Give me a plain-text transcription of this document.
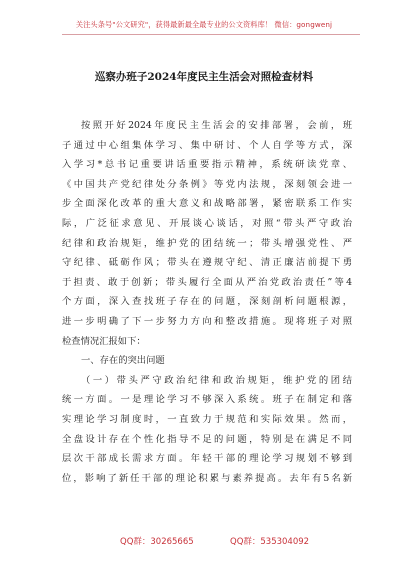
关注头条号"公文研究"，获得最新最全最专业的公文资料库！ 微信：gongwenj
巡察办班子2024年度民主生活会对照检查材料
按照开好2024年度民主生活会的安排部署，会前，班
子通过中心组集体学习、集中研讨、个人自学等方式，深
入学习*总书记重要讲话重要指示精神，系统研读党章、
《中国共产党纪律处分条例》等党内法规，深刻领会进一
步全面深化改革的重大意义和战略部署，紧密联系工作实
际，广泛征求意见、开展谈心谈话，对照“带头严守政治
纪律和政治规矩，维护党的团结统一；带头增强党性、严
守纪律、砥砺作风；带头在遵规守纪、清正廉洁前提下勇
于担责、敢于创新；带头履行全面从严治党政治责任”等4
个方面，深入查找班子存在的问题，深刻剖析问题根源，
进一步明确了下一步努力方向和整改措施。现将班子对照
检查情况汇报如下：
一、存在的突出问题
（一）带头严守政治纪律和政治规矩，维护党的团结
统一方面。一是理论学习不够深入系统。班子在制定和落
实理论学习制度时，一直致力于规范和实际效果。然而，
全盘设计存在个性化指导不足的问题，特别是在满足不同
层次干部成长需求方面。年轻干部的理论学习规划不够到
位，影响了新任干部的理论积累与素养提高。去年有5名新
QQ群：30265665	QQ群：535304092
